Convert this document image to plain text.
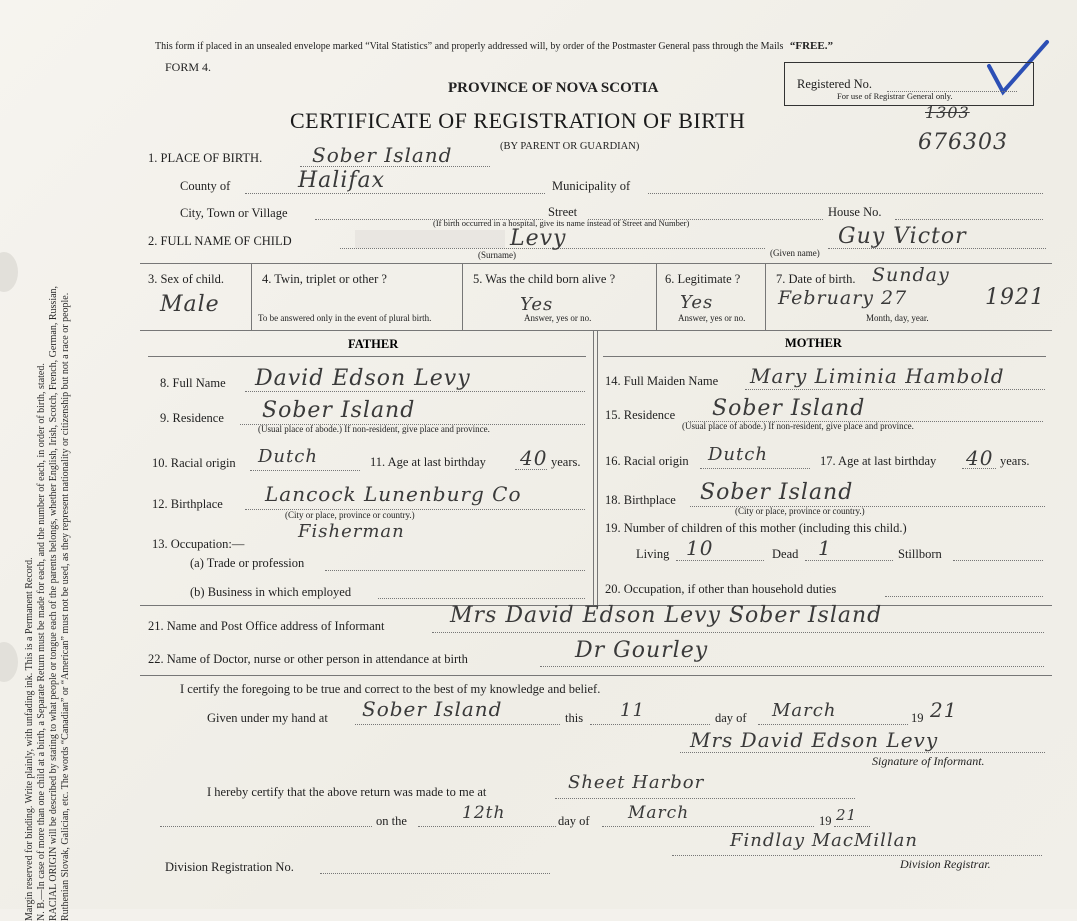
Margin reserved for binding. Write plainly, with unfading ink. This is a Permanent Record. N. B.—In case of more than one child at a birth, a Separate Return must be made for each, and the number of each, in order of birth, stated. RACIAL ORIGIN will be described by stating to what people or tongue each of the parents belongs, whether English, Irish, Scotch, French, German, Russian, Ruthenian Slovak, Galician, etc. The words “Canadian” or “American” must not be used, as they represent nationality or citizenship but not a race or people.
This form if placed in an unsealed envelope marked “Vital Statistics” and properly addressed will, by order of the Postmaster General pass through the Mails “FREE.”
FORM 4.
PROVINCE OF NOVA SCOTIA
CERTIFICATE OF REGISTRATION OF BIRTH
(BY PARENT OR GUARDIAN)
Registered No.
For use of Registrar General only.
1303
676303
1. PLACE OF BIRTH. Sober Island
County of	Halifax	Municipality of
City, Town or Village	Street	House No.
(If birth occurred in a hospital, give its name instead of Street and Number)
2. FULL NAME OF CHILD	Levy
(Surname)	(Given name)
Guy Victor
3. Sex of child.
Male
4. Twin, triplet or other ?
To be answered only in the event of plural birth.
5. Was the child born alive ?
Yes
Answer, yes or no.
6. Legitimate ?
Yes
Answer, yes or no.
7. Date of birth. Sunday
February 27	1921
Month, day, year.
FATHER
8. Full Name David Edson Levy
9. Residence Sober Island
(Usual place of abode.) If non-resident, give place and province.
10. Racial origin Dutch	11. Age at last birthday 40 years.
12. Birthplace Lancock Lunenburg Co
(City or place, province or country.)
13. Occupation:—
Fisherman
(a) Trade or profession
(b) Business in which employed
MOTHER
14. Full Maiden Name Mary Liminia Hambold
15. Residence Sober Island
(Usual place of abode.) If non-resident, give place and province.
16. Racial origin Dutch	17. Age at last birthday 40 years.
18. Birthplace Sober Island
(City or place, province or country.)
19. Number of children of this mother (including this child.)
Living 10	Dead 1	Stillborn
20. Occupation, if other than household duties
21. Name and Post Office address of Informant	Mrs David Edson Levy Sober Island
22. Name of Doctor, nurse or other person in attendance at birth	Dr Gourley
I certify the foregoing to be true and correct to the best of my knowledge and belief.
Given under my hand at Sober Island	this 11	day of March	19 21
Mrs David Edson Levy
Signature of Informant.
I hereby certify that the above return was made to me at	Sheet Harbor
on the	12th	day of March	19 21
Division Registration No.
Findlay MacMillan
Division Registrar.
